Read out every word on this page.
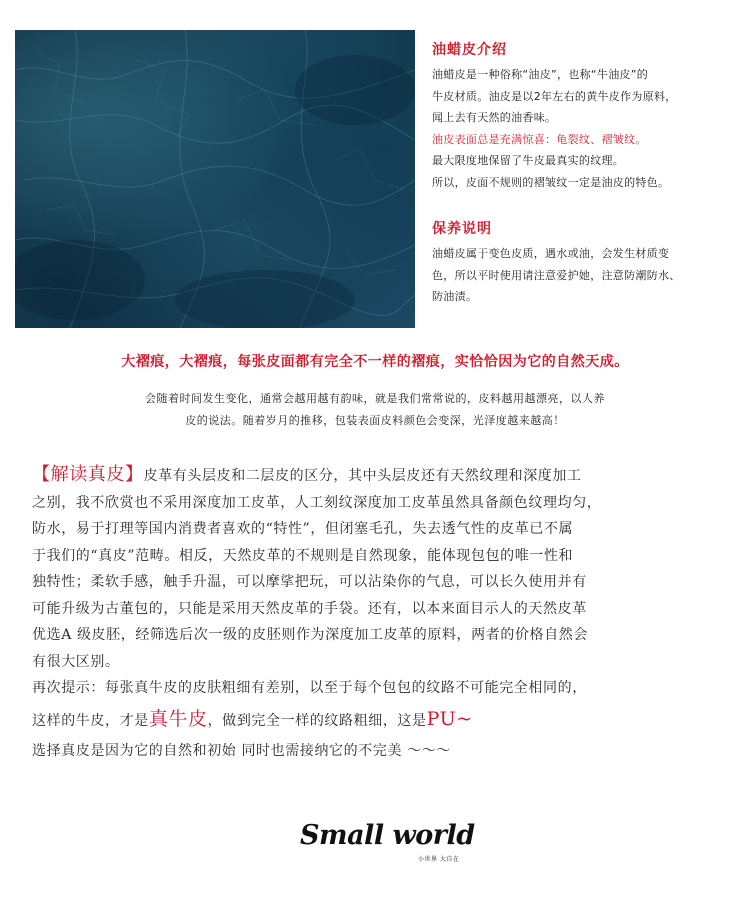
油蜡皮介绍
油蜡皮是一种俗称“油皮”，也称“牛油皮”的
牛皮材质。油皮是以2年左右的黄牛皮作为原料，
闻上去有天然的油香味。
油皮表面总是充满惊喜：龟裂纹、褶皱纹。
最大限度地保留了牛皮最真实的纹理。
所以，皮面不规则的褶皱纹一定是油皮的特色。
保养说明
油蜡皮属于变色皮质，遇水或油，会发生材质变
色，所以平时使用请注意爱护她，注意防潮防水、
防油渍。
大褶痕，大褶痕，每张皮面都有完全不一样的褶痕，实恰恰因为它的自然天成。
会随着时间发生变化，通常会越用越有韵味，就是我们常常说的，皮料越用越漂亮，以人养
皮的说法。随着岁月的推移，包装表面皮料颜色会变深，光泽度越来越高！
【解读真皮】皮革有头层皮和二层皮的区分，其中头层皮还有天然纹理和深度加工
之别，我不欣赏也不采用深度加工皮革，人工刻纹深度加工皮革虽然具备颜色纹理均匀，
防水，易于打理等国内消费者喜欢的“特性”，但闭塞毛孔，失去透气性的皮革已不属
于我们的“真皮”范畴。相反，天然皮革的不规则是自然现象，能体现包包的唯一性和
独特性；柔软手感，触手升温，可以摩挲把玩，可以沾染你的气息，可以长久使用并有
可能升级为古董包的，只能是采用天然皮革的手袋。还有，以本来面目示人的天然皮革
优选A 级皮胚，经筛选后次一级的皮胚则作为深度加工皮革的原料，两者的价格自然会
有很大区别。
再次提示：每张真牛皮的皮肤粗细有差别，以至于每个包包的纹路不可能完全相同的，
这样的牛皮，才是真牛皮，做到完全一样的纹路粗细，这是PU~
选择真皮是因为它的自然和初始 同时也需接纳它的不完美 ～～～
Small world
小世界 大自在
